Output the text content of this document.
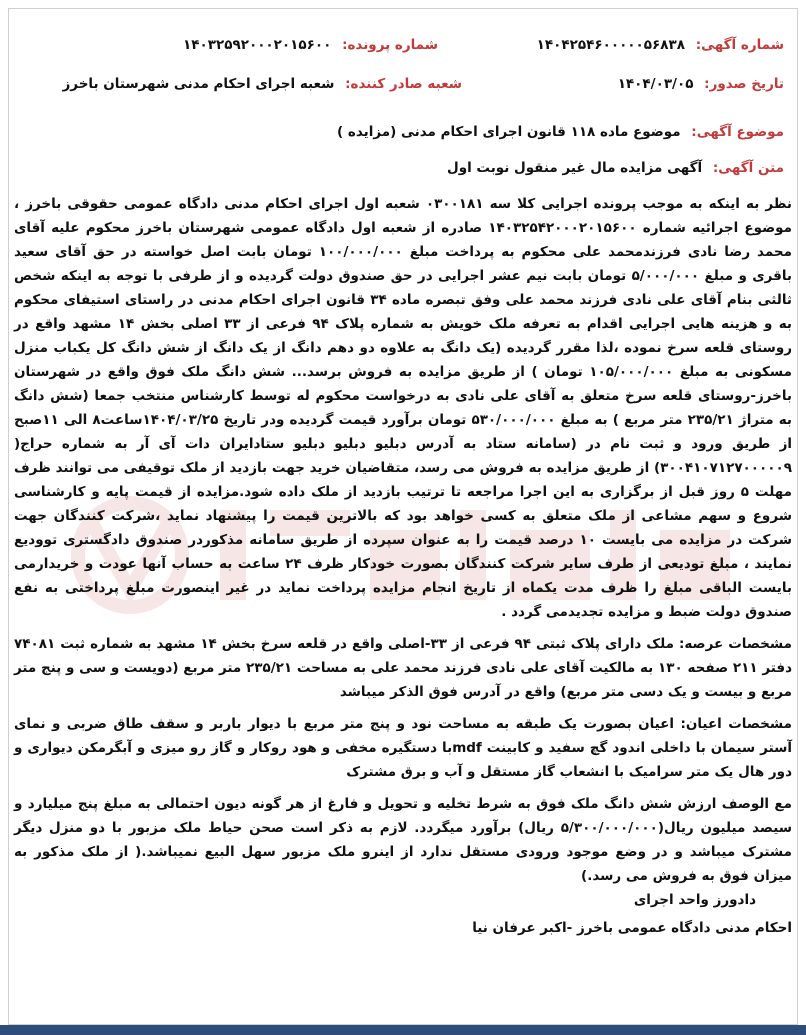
شماره آگهی: ۱۴۰۴۲۵۴۶۰۰۰۰۰۵۶۸۳۸
شماره پرونده: ۱۴۰۳۲۵۹۲۰۰۰۲۰۱۵۶۰۰
تاریخ صدور: ۱۴۰۴/۰۳/۰۵
شعبه صادر کننده: شعبه اجرای احکام مدنی شهرستان باخرز
موضوع آگهی: موضوع ماده ۱۱۸ قانون اجرای احکام مدنی (مزایده )
متن آگهی: آگهی مزایده مال غیر منقول نوبت اول

نظر به اینکه به موجب پرونده اجرایی کلا سه ۰۳۰۰۱۸۱ شعبه اول اجرای احکام مدنی دادگاه عمومی حقوقی باخرز ، موضوع اجرائیه شماره ۱۴۰۳۲۵۴۲۰۰۰۲۰۱۵۶۰۰ صادره از شعبه اول دادگاه عمومی شهرستان باخرز محکوم علیه آقای محمد رضا نادی فرزندمحمد علی محکوم به پرداخت مبلغ ۱۰۰/۰۰۰/۰۰۰ تومان بابت اصل خواسته در حق آقای سعید باقری و مبلغ ۵/۰۰۰/۰۰۰ تومان بابت نیم عشر اجرایی در حق صندوق دولت گردیده و از طرفی با توجه به اینکه شخص ثالثی بنام آقای علی نادی فرزند محمد علی وفق تبصره ماده ۳۴ قانون اجرای احکام مدنی در راستای استیفای محکوم به و هزینه هایی اجرایی اقدام به تعرفه ملک خویش به شماره پلاک ۹۴ فرعی از ۳۳ اصلی بخش ۱۴ مشهد واقع در روستای قلعه سرخ نموده ،لذا مقرر گردیده (یک دانگ به علاوه دو دهم دانگ از یک دانگ از شش دانگ کل یکباب منزل مسکونی به مبلغ ۱۰۵/۰۰۰/۰۰۰ تومان ) از طریق مزایده به فروش برسد... شش دانگ ملک فوق واقع در شهرستان باخرز-روستای قلعه سرخ متعلق به آقای علی نادی به درخواست محکوم له توسط کارشناس منتخب جمعا (شش دانگ به متراژ ۲۳۵/۲۱ متر مربع ) به مبلغ ۵۳۰/۰۰۰/۰۰۰ تومان برآورد قیمت گردیده ودر تاریخ ۱۴۰۴/۰۳/۲۵ساعت۸ الی ۱۱صبح از طریق ورود و ثبت نام در (سامانه ستاد به آدرس دبلیو دبلیو دبلیو ستادایران دات آی آر به شماره حراج( ۳۰۰۴۱۰۷۱۲۷۰۰۰۰۰۹) از طریق مزایده به فروش می رسد، متقاضیان خرید جهت بازدید از ملک توقیفی می توانند ظرف مهلت ۵ روز قبل از برگزاری به این اجرا مراجعه تا ترتیب بازدید از ملک داده شود.مزایده از قیمت پایه و کارشناسی شروع و سهم مشاعی از ملک متعلق به کسی خواهد بود که بالاترین قیمت را پیشنهاد نماید ،شرکت کنندگان جهت شرکت در مزایده می بایست ۱۰ درصد قیمت را به عنوان سپرده از طریق سامانه مذکوردر صندوق دادگستری توودیع نمایند ، مبلغ تودیعی از طرف سایر شرکت کنندگان بصورت خودکار ظرف ۲۴ ساعت به حساب آنها عودت و خریدارمی بایست الباقی مبلغ را ظرف مدت یکماه از تاریخ انجام مزایده پرداخت نماید در غیر اینصورت مبلغ پرداختی به نفع صندوق دولت ضبط و مزایده تجدیدمی گردد .

مشخصات عرصه: ملک دارای پلاک ثبتی ۹۴ فرعی از ۳۳-اصلی واقع در قلعه سرخ بخش ۱۴ مشهد به شماره ثبت ۷۴۰۸۱ دفتر ۲۱۱ صفحه ۱۳۰ به مالکیت آقای علی نادی فرزند محمد علی به مساحت ۲۳۵/۲۱ متر مربع (دویست و سی و پنج متر مربع و بیست و یک دسی متر مربع) واقع در آدرس فوق الذکر میباشد

مشخصات اعیان: اعیان بصورت یک طبقه به مساحت نود و پنج متر مربع با دیوار باربر و سقف طاق ضربی و نمای آستر سیمان با داخلی اندود گچ سفید و کابینت mdfبا دستگیره مخفی و هود روکار و گاز رو میزی و آبگرمکن دیواری و دور هال یک متر سرامیک با انشعاب گاز مستقل و آب و برق مشترک

مع الوصف ارزش شش دانگ ملک فوق به شرط تخلیه و تحویل و فارغ از هر گونه دیون احتمالی به مبلغ پنج میلیارد و سیصد میلیون ریال(۵/۳۰۰/۰۰۰/۰۰۰ ریال) برآورد میگردد. لازم به ذکر است صحن حیاط ملک مزبور با دو منزل دیگر مشترک میباشد و در وضع موجود ورودی مستقل ندارد از اینرو ملک مزبور سهل البیع نمیباشد.( از ملک مذکور به میزان فوق به فروش می رسد.)

دادورز واحد اجرای

احکام مدنی دادگاه عمومی باخرز -اکبر عرفان نیا
